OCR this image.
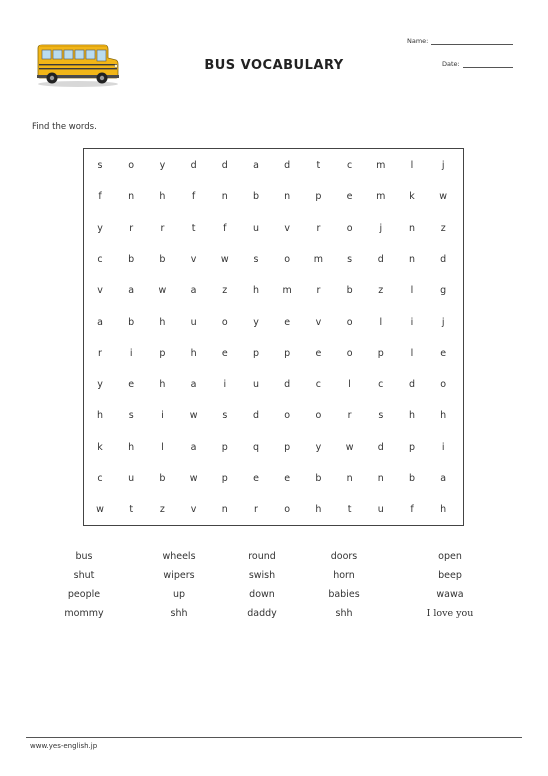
BUS VOCABULARY
Name:
Date:
Find the words.
s	o	y	d	d	a	d	t	c	m	l	j
f	n	h	f	n	b	n	p	e	m	k	w
y	r	r	t	f	u	v	r	o	j	n	z
c	b	b	v	w	s	o	m	s	d	n	d
v	a	w	a	z	h	m	r	b	z	l	g
a	b	h	u	o	y	e	v	o	l	i	j
r	i	p	h	e	p	p	e	o	p	l	e
y	e	h	a	i	u	d	c	l	c	d	o
h	s	i	w	s	d	o	o	r	s	h	h
k	h	l	a	p	q	p	y	w	d	p	i
c	u	b	w	p	e	e	b	n	n	b	a
w	t	z	v	n	r	o	h	t	u	f	h
bus	wheels	round	doors	open
shut	wipers	swish	horn	beep
people	up	down	babies	wawa
mommy	shh	daddy	shh	I love you
www.yes-english.jp
